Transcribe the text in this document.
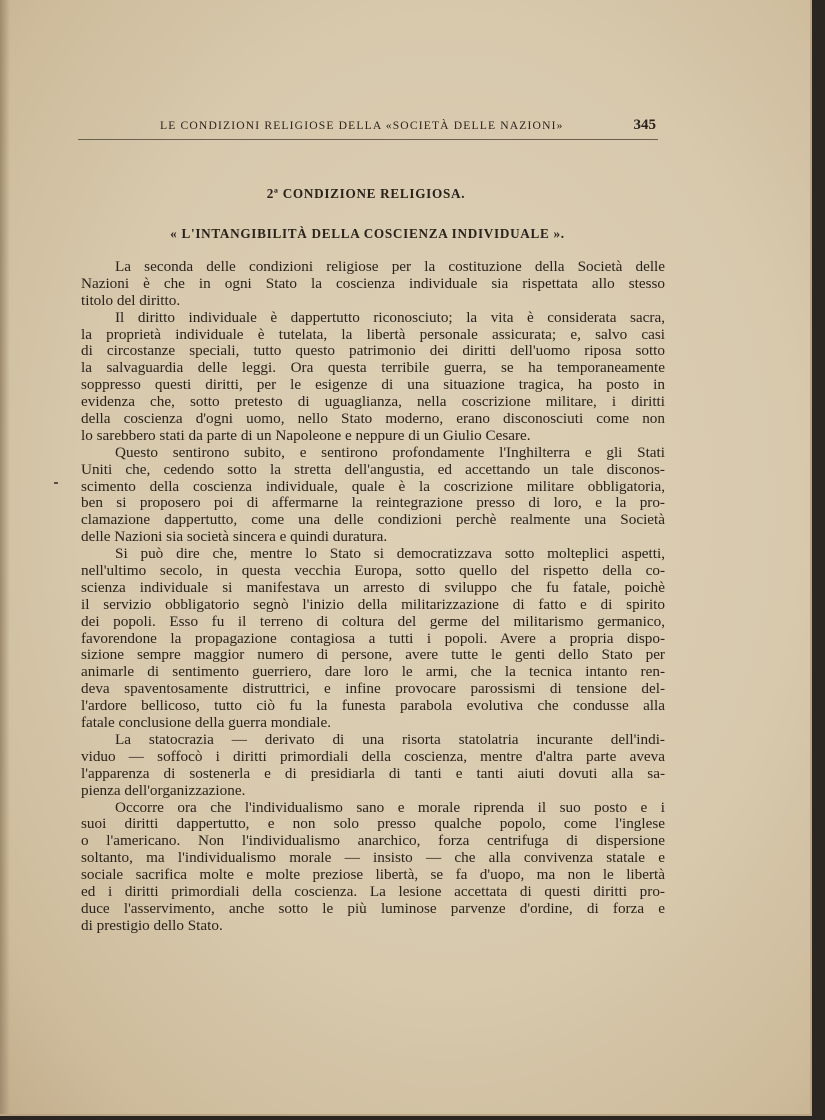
LE CONDIZIONI RELIGIOSE DELLA «SOCIETÀ DELLE NAZIONI»	345
2ª CONDIZIONE RELIGIOSA.
« L'INTANGIBILITÀ DELLA COSCIENZA INDIVIDUALE ».
La seconda delle condizioni religiose per la costituzione della Società delle
Nazioni è che in ogni Stato la coscienza individuale sia rispettata allo stesso
titolo del diritto.
Il diritto individuale è dappertutto riconosciuto; la vita è considerata sacra,
la proprietà individuale è tutelata, la libertà personale assicurata; e, salvo casi
di circostanze speciali, tutto questo patrimonio dei diritti dell'uomo riposa sotto
la salvaguardia delle leggi. Ora questa terribile guerra, se ha temporaneamente
soppresso questi diritti, per le esigenze di una situazione tragica, ha posto in
evidenza che, sotto pretesto di uguaglianza, nella coscrizione militare, i diritti
della coscienza d'ogni uomo, nello Stato moderno, erano disconosciuti come non
lo sarebbero stati da parte di un Napoleone e neppure di un Giulio Cesare.
Questo sentirono subito, e sentirono profondamente l'Inghilterra e gli Stati
Uniti che, cedendo sotto la stretta dell'angustia, ed accettando un tale disconos-
scimento della coscienza individuale, quale è la coscrizione militare obbligatoria,
ben si proposero poi di affermarne la reintegrazione presso di loro, e la pro-
clamazione dappertutto, come una delle condizioni perchè realmente una Società
delle Nazioni sia società sincera e quindi duratura.
Si può dire che, mentre lo Stato si democratizzava sotto molteplici aspetti,
nell'ultimo secolo, in questa vecchia Europa, sotto quello del rispetto della co-
scienza individuale si manifestava un arresto di sviluppo che fu fatale, poichè
il servizio obbligatorio segnò l'inizio della militarizzazione di fatto e di spirito
dei popoli. Esso fu il terreno di coltura del germe del militarismo germanico,
favorendone la propagazione contagiosa a tutti i popoli. Avere a propria dispo-
sizione sempre maggior numero di persone, avere tutte le genti dello Stato per
animarle di sentimento guerriero, dare loro le armi, che la tecnica intanto ren-
deva spaventosamente distruttrici, e infine provocare parossismi di tensione del-
l'ardore bellicoso, tutto ciò fu la funesta parabola evolutiva che condusse alla
fatale conclusione della guerra mondiale.
La statocrazia — derivato di una risorta statolatria incurante dell'indi-
viduo — soffocò i diritti primordiali della coscienza, mentre d'altra parte aveva
l'apparenza di sostenerla e di presidiarla di tanti e tanti aiuti dovuti alla sa-
pienza dell'organizzazione.
Occorre ora che l'individualismo sano e morale riprenda il suo posto e i
suoi diritti dappertutto, e non solo presso qualche popolo, come l'inglese
o l'americano. Non l'individualismo anarchico, forza centrifuga di dispersione
soltanto, ma l'individualismo morale — insisto — che alla convivenza statale e
sociale sacrifica molte e molte preziose libertà, se fa d'uopo, ma non le libertà
ed i diritti primordiali della coscienza. La lesione accettata di questi diritti pro-
duce l'asservimento, anche sotto le più luminose parvenze d'ordine, di forza e
di prestigio dello Stato.
